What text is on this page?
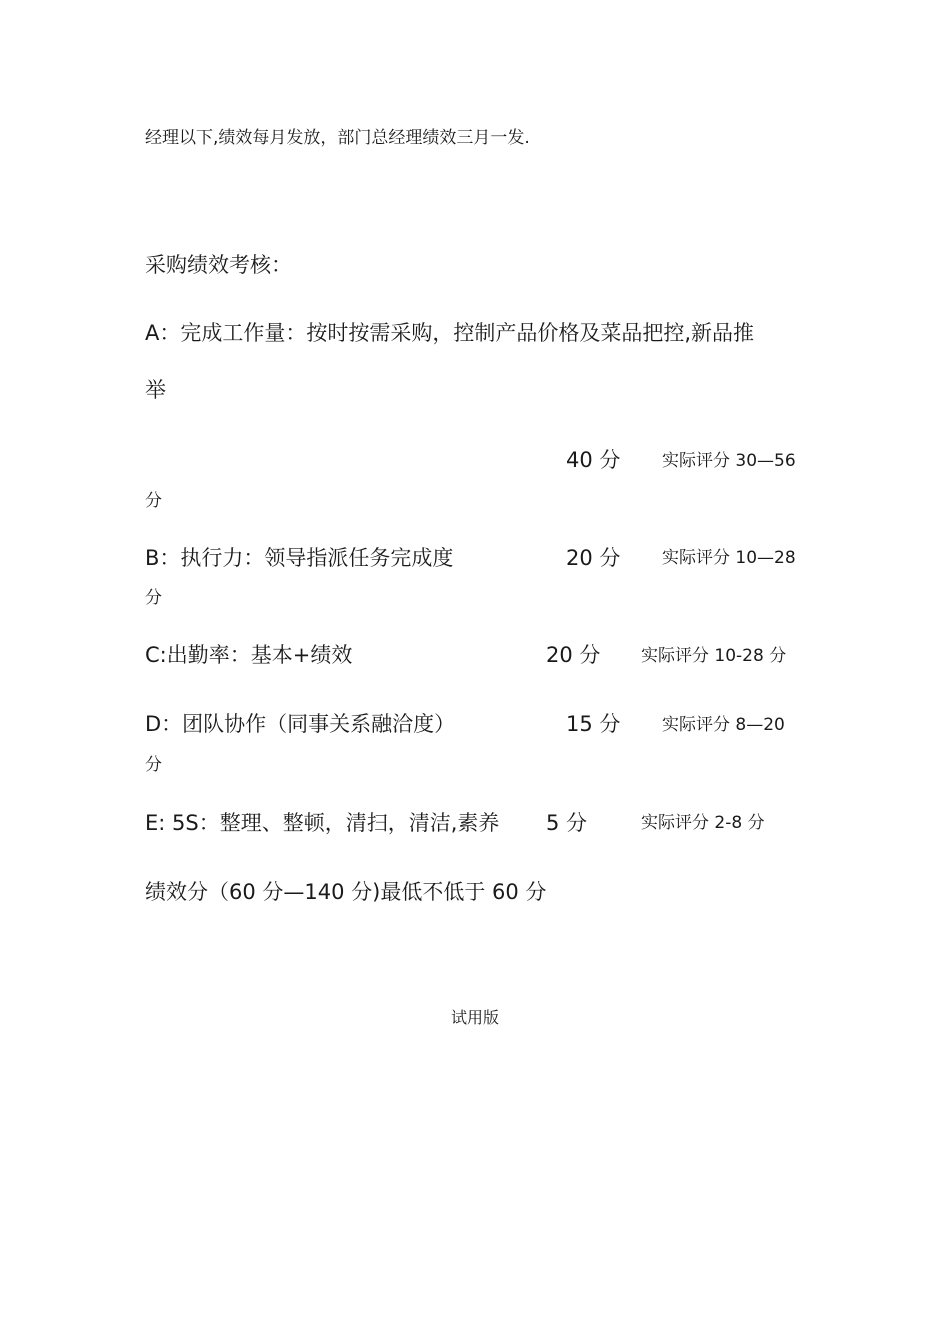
经理以下,绩效每月发放，部门总经理绩效三月一发.
采购绩效考核：
A：完成工作量：按时按需采购，控制产品价格及菜品把控,新品推
举
40 分 实际评分 30—56
分
B：执行力：领导指派任务完成度	20 分 实际评分 10—28
分
C:出勤率：基本+绩效	20 分 实际评分 10-28 分
D：团队协作（同事关系融洽度）	15 分 实际评分 8—20
分
E: 5S：整理、整顿，清扫，清洁,素养 5 分	实际评分 2-8 分
绩效分（60 分—140 分)最低不低于 60 分
试用版
